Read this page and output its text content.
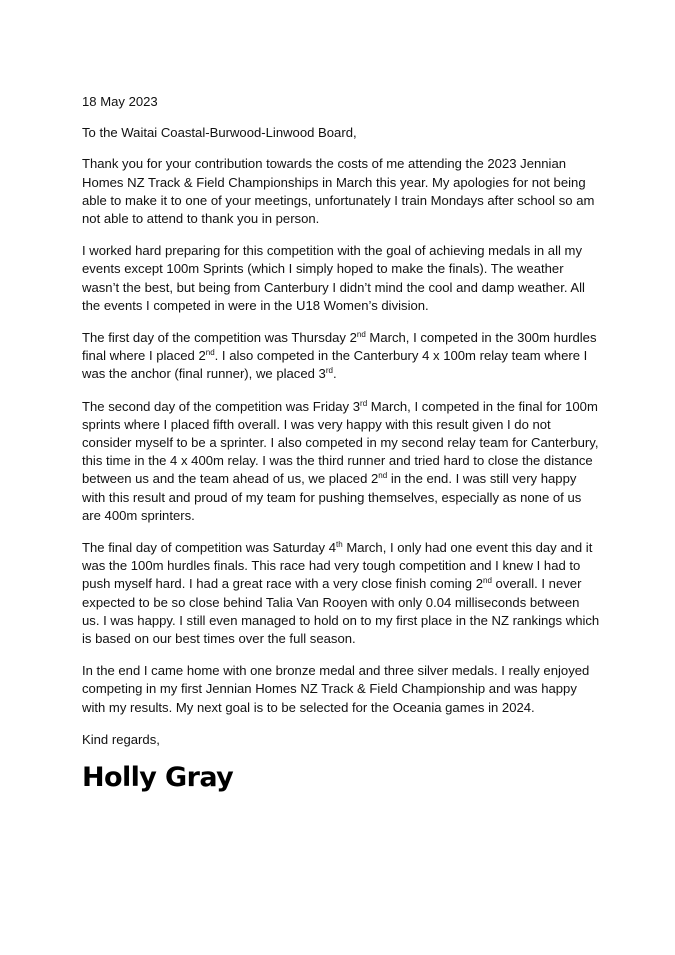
18 May 2023

To the Waitai Coastal-Burwood-Linwood Board,

Thank you for your contribution towards the costs of me attending the 2023 Jennian Homes NZ Track & Field Championships in March this year. My apologies for not being able to make it to one of your meetings, unfortunately I train Mondays after school so am not able to attend to thank you in person.

I worked hard preparing for this competition with the goal of achieving medals in all my events except 100m Sprints (which I simply hoped to make the finals). The weather wasn’t the best, but being from Canterbury I didn’t mind the cool and damp weather. All the events I competed in were in the U18 Women’s division.

The first day of the competition was Thursday 2nd March, I competed in the 300m hurdles final where I placed 2nd. I also competed in the Canterbury 4 x 100m relay team where I was the anchor (final runner), we placed 3rd.

The second day of the competition was Friday 3rd March, I competed in the final for 100m sprints where I placed fifth overall. I was very happy with this result given I do not consider myself to be a sprinter. I also competed in my second relay team for Canterbury, this time in the 4 x 400m relay. I was the third runner and tried hard to close the distance between us and the team ahead of us, we placed 2nd in the end. I was still very happy with this result and proud of my team for pushing themselves, especially as none of us are 400m sprinters.

The final day of competition was Saturday 4th March, I only had one event this day and it was the 100m hurdles finals. This race had very tough competition and I knew I had to push myself hard. I had a great race with a very close finish coming 2nd overall. I never expected to be so close behind Talia Van Rooyen with only 0.04 milliseconds between us. I was happy. I still even managed to hold on to my first place in the NZ rankings which is based on our best times over the full season.

In the end I came home with one bronze medal and three silver medals. I really enjoyed competing in my first Jennian Homes NZ Track & Field Championship and was happy with my results. My next goal is to be selected for the Oceania games in 2024.

Kind regards,

Holly Gray
